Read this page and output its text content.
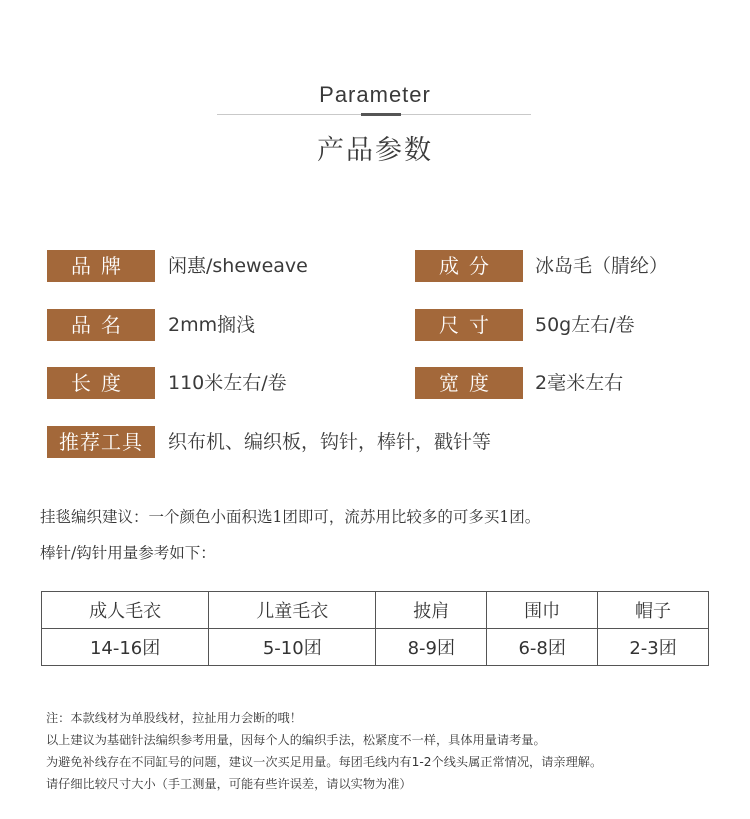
Parameter
产品参数
品牌	闲惠/sheweave	成分	冰岛毛（腈纶）
品名	2mm搁浅	尺寸	50g左右/卷
长度	110米左右/卷	宽度	2毫米左右
推荐工具	织布机、编织板，钩针，棒针，戳针等
挂毯编织建议：一个颜色小面积选1团即可，流苏用比较多的可多买1团。
棒针/钩针用量参考如下：
成人毛衣	儿童毛衣	披肩	围巾	帽子
14-16团	5-10团	8-9团	6-8团	2-3团
注：本款线材为单股线材，拉扯用力会断的哦！
以上建议为基础针法编织参考用量，因每个人的编织手法，松紧度不一样，具体用量请考量。
为避免补线存在不同缸号的问题，建议一次买足用量。每团毛线内有1-2个线头属正常情况，请亲理解。
请仔细比较尺寸大小（手工测量，可能有些许误差，请以实物为准）
